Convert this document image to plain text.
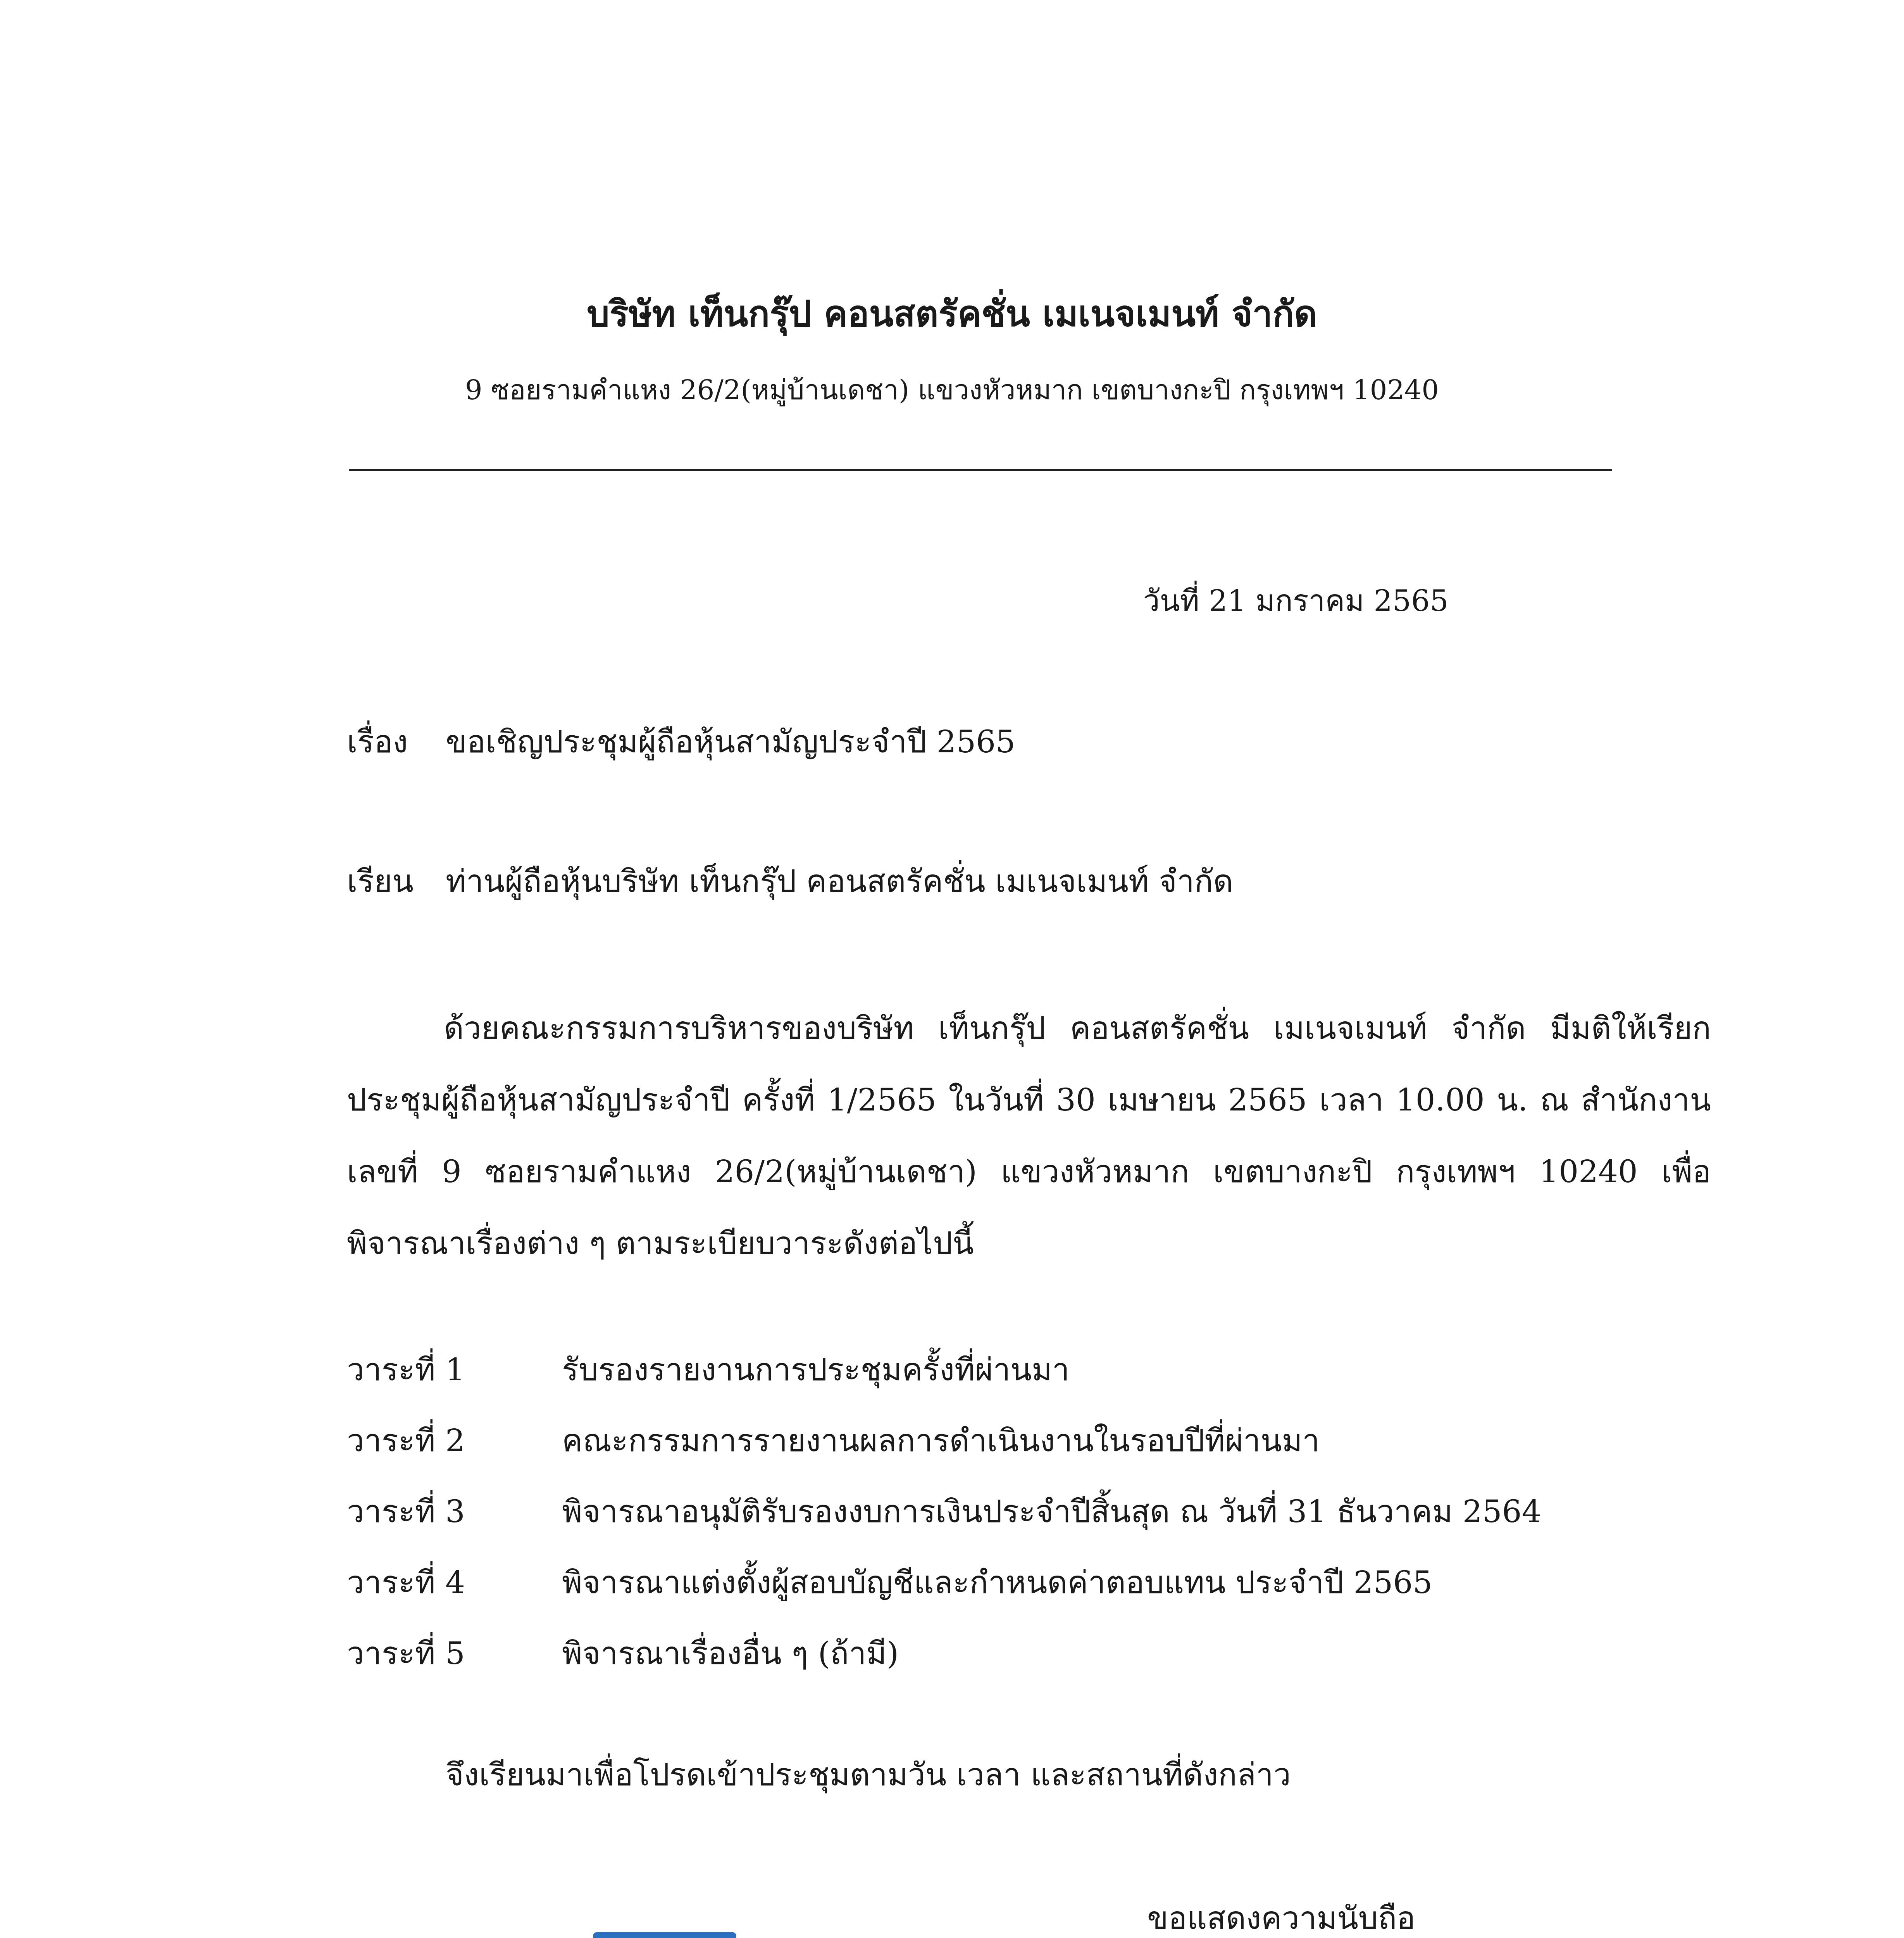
บริษัท เท็นกรุ๊ป คอนสตรัคชั่น เมเนจเมนท์ จำกัด
9 ซอยรามคำแหง 26/2(หมู่บ้านเดชา) แขวงหัวหมาก เขตบางกะปิ กรุงเทพฯ 10240
วันที่ 21 มกราคม 2565
เรื่อง ขอเชิญประชุมผู้ถือหุ้นสามัญประจำปี 2565
เรียน ท่านผู้ถือหุ้นบริษัท เท็นกรุ๊ป คอนสตรัคชั่น เมเนจเมนท์ จำกัด
ด้วยคณะกรรมการบริหารของบริษัท เท็นกรุ๊ป คอนสตรัคชั่น เมเนจเมนท์ จำกัด มีมติให้เรียกประชุมผู้ถือหุ้นสามัญประจำปี ครั้งที่ 1/2565 ในวันที่ 30 เมษายน 2565 เวลา 10.00 น. ณ สำนักงานเลขที่ 9 ซอยรามคำแหง 26/2(หมู่บ้านเดชา) แขวงหัวหมาก เขตบางกะปิ กรุงเทพฯ 10240 เพื่อพิจารณาเรื่องต่าง ๆ ตามระเบียบวาระดังต่อไปนี้
วาระที่ 1	รับรองรายงานการประชุมครั้งที่ผ่านมา
วาระที่ 2	คณะกรรมการรายงานผลการดำเนินงานในรอบปีที่ผ่านมา
วาระที่ 3	พิจารณาอนุมัติรับรองงบการเงินประจำปีสิ้นสุด ณ วันที่ 31 ธันวาคม 2564
วาระที่ 4	พิจารณาแต่งตั้งผู้สอบบัญชีและกำหนดค่าตอบแทน ประจำปี 2565
วาระที่ 5	พิจารณาเรื่องอื่น ๆ (ถ้ามี)
จึงเรียนมาเพื่อโปรดเข้าประชุมตามวัน เวลา และสถานที่ดังกล่าว
ขอแสดงความนับถือ
